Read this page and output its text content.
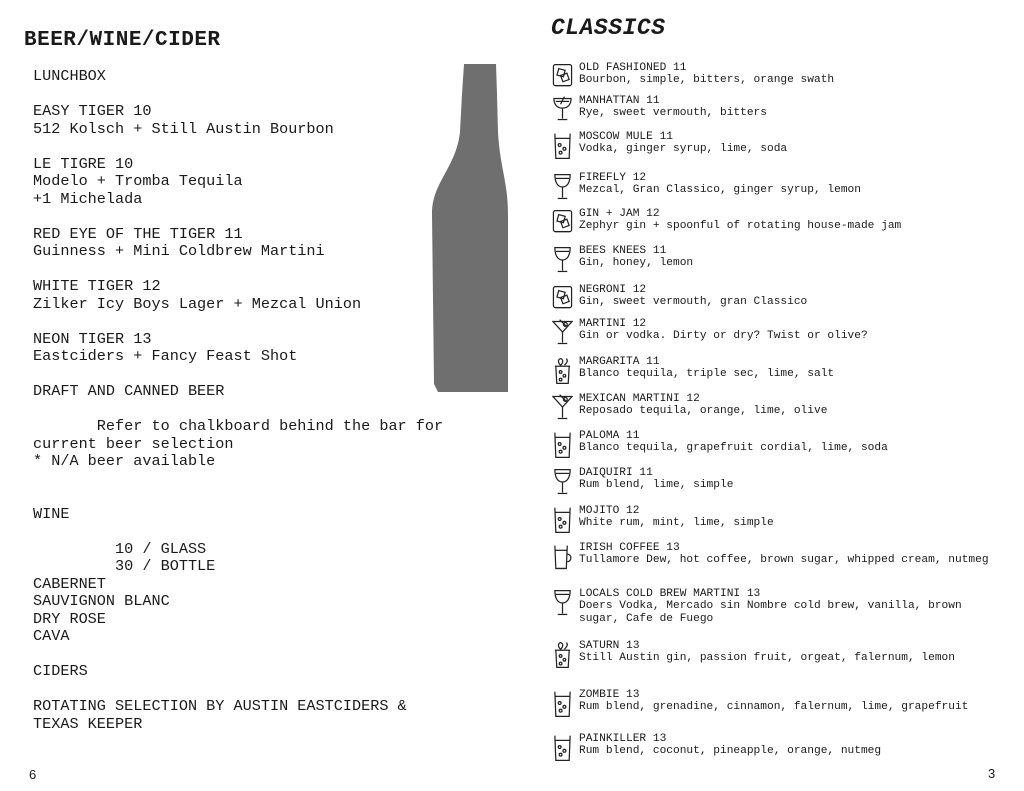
BEER/WINE/CIDER
LUNCHBOX
EASY TIGER 10
512 Kolsch + Still Austin Bourbon
LE TIGRE 10
Modelo + Tromba Tequila
+1 Michelada
RED EYE OF THE TIGER 11
Guinness + Mini Coldbrew Martini
WHITE TIGER 12
Zilker Icy Boys Lager + Mezcal Union
NEON TIGER 13
Eastciders + Fancy Feast Shot
DRAFT AND CANNED BEER
Refer to chalkboard behind the bar for
current beer selection
* N/A beer available
WINE
10 / GLASS
30 / BOTTLE
CABERNET
SAUVIGNON BLANC
DRY ROSE
CAVA
CIDERS
ROTATING SELECTION BY AUSTIN EASTCIDERS &
TEXAS KEEPER
6
CLASSICS
OLD FASHIONED 11
Bourbon, simple, bitters, orange swath
MANHATTAN 11
Rye, sweet vermouth, bitters
MOSCOW MULE 11
Vodka, ginger syrup, lime, soda
FIREFLY 12
Mezcal, Gran Classico, ginger syrup, lemon
GIN + JAM 12
Zephyr gin + spoonful of rotating house-made jam
BEES KNEES 11
Gin, honey, lemon
NEGRONI 12
Gin, sweet vermouth, gran Classico
MARTINI 12
Gin or vodka. Dirty or dry? Twist or olive?
MARGARITA 11
Blanco tequila, triple sec, lime, salt
MEXICAN MARTINI 12
Reposado tequila, orange, lime, olive
PALOMA 11
Blanco tequila, grapefruit cordial, lime, soda
DAIQUIRI 11
Rum blend, lime, simple
MOJITO 12
White rum, mint, lime, simple
IRISH COFFEE 13
Tullamore Dew, hot coffee, brown sugar, whipped cream, nutmeg
LOCALS COLD BREW MARTINI 13
Doers Vodka, Mercado sin Nombre cold brew, vanilla, brown sugar, Cafe de Fuego
SATURN 13
Still Austin gin, passion fruit, orgeat, falernum, lemon
ZOMBIE 13
Rum blend, grenadine, cinnamon, falernum, lime, grapefruit
PAINKILLER 13
Rum blend, coconut, pineapple, orange, nutmeg
3
